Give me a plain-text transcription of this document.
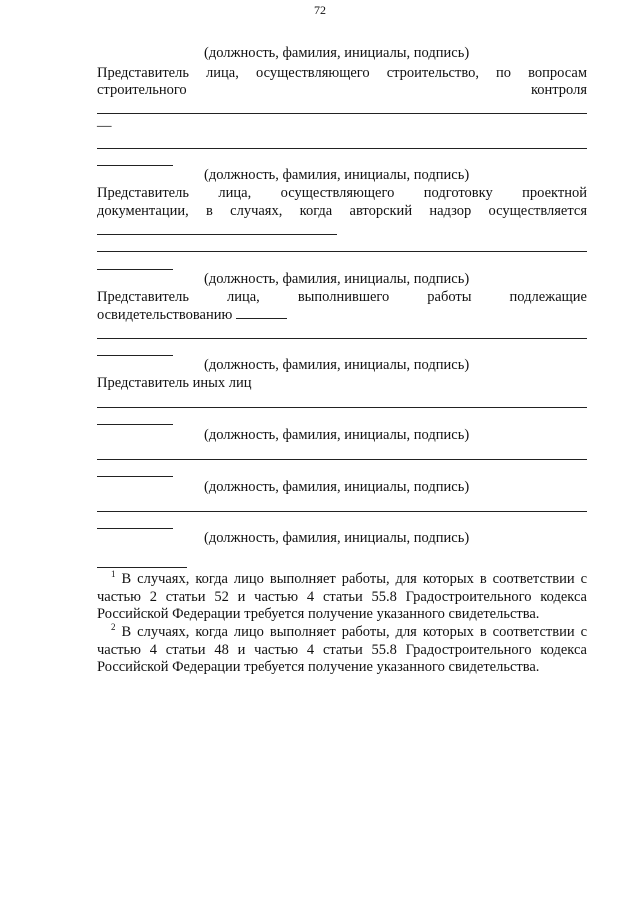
72
(должность, фамилия, инициалы, подпись)
Представитель лица, осуществляющего строительство, по вопросам
строительного	контроля
—
(должность, фамилия, инициалы, подпись)
Представитель лица, осуществляющего подготовку проектной
документации, в случаях, когда авторский надзор осуществляется
(должность, фамилия, инициалы, подпись)
Представитель лица, выполнившего работы подлежащие
освидетельствованию
(должность, фамилия, инициалы, подпись)
Представитель иных лиц
(должность, фамилия, инициалы, подпись)
(должность, фамилия, инициалы, подпись)
(должность, фамилия, инициалы, подпись)

$^1$ В случаях, когда лицо выполняет работы, для которых в соответствии с частью 2 статьи 52 и частью 4 статьи 55.8 Градостроительного кодекса Российской Федерации требуется получение указанного свидетельства.

$^2$ В случаях, когда лицо выполняет работы, для которых в соответствии с частью 4 статьи 48 и частью 4 статьи 55.8 Градостроительного кодекса Российской Федерации требуется получение указанного свидетельства.
